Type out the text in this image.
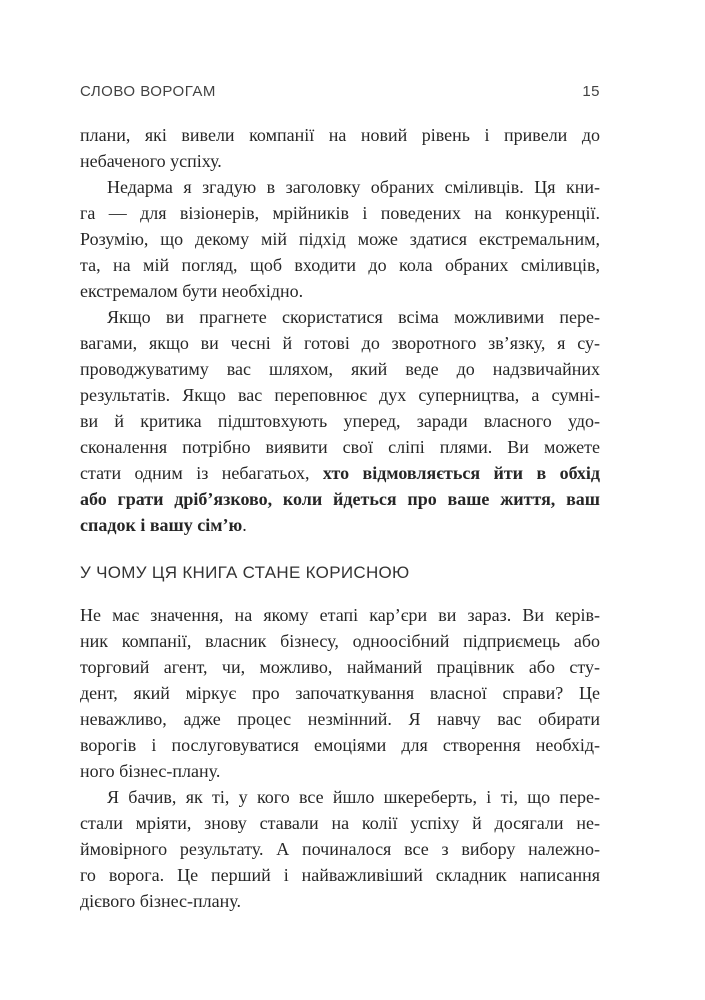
СЛОВО ВОРОГАМ	15
плани, які вивели компанії на новий рівень і привели до
небаченого успіху.
Недарма я згадую в заголовку обраних сміливців. Ця кни-
га — для візіонерів, мрійників і поведених на конкуренції.
Розумію, що декому мій підхід може здатися екстремальним,
та, на мій погляд, щоб входити до кола обраних сміливців,
екстремалом бути необхідно.
Якщо ви прагнете скористатися всіма можливими пере-
вагами, якщо ви чесні й готові до зворотного зв’язку, я су-
проводжуватиму вас шляхом, який веде до надзвичайних
результатів. Якщо вас переповнює дух суперництва, а сумні-
ви й критика підштовхують уперед, заради власного удо-
сконалення потрібно виявити свої сліпі плями. Ви можете
стати одним із небагатьох, хто відмовляється йти в обхід
або грати дріб’язково, коли йдеться про ваше життя, ваш
спадок і вашу сім’ю.
У ЧОМУ ЦЯ КНИГА СТАНЕ КОРИСНОЮ
Не має значення, на якому етапі кар’єри ви зараз. Ви керів-
ник компанії, власник бізнесу, одноосібний підприємець або
торговий агент, чи, можливо, найманий працівник або сту-
дент, який міркує про започаткування власної справи? Це
неважливо, адже процес незмінний. Я навчу вас обирати
ворогів і послуговуватися емоціями для створення необхід-
ного бізнес-плану.
Я бачив, як ті, у кого все йшло шкереберть, і ті, що пере-
стали мріяти, знову ставали на колії успіху й досягали не-
ймовірного результату. А починалося все з вибору належно-
го ворога. Це перший і найважливіший складник написання
дієвого бізнес-плану.
